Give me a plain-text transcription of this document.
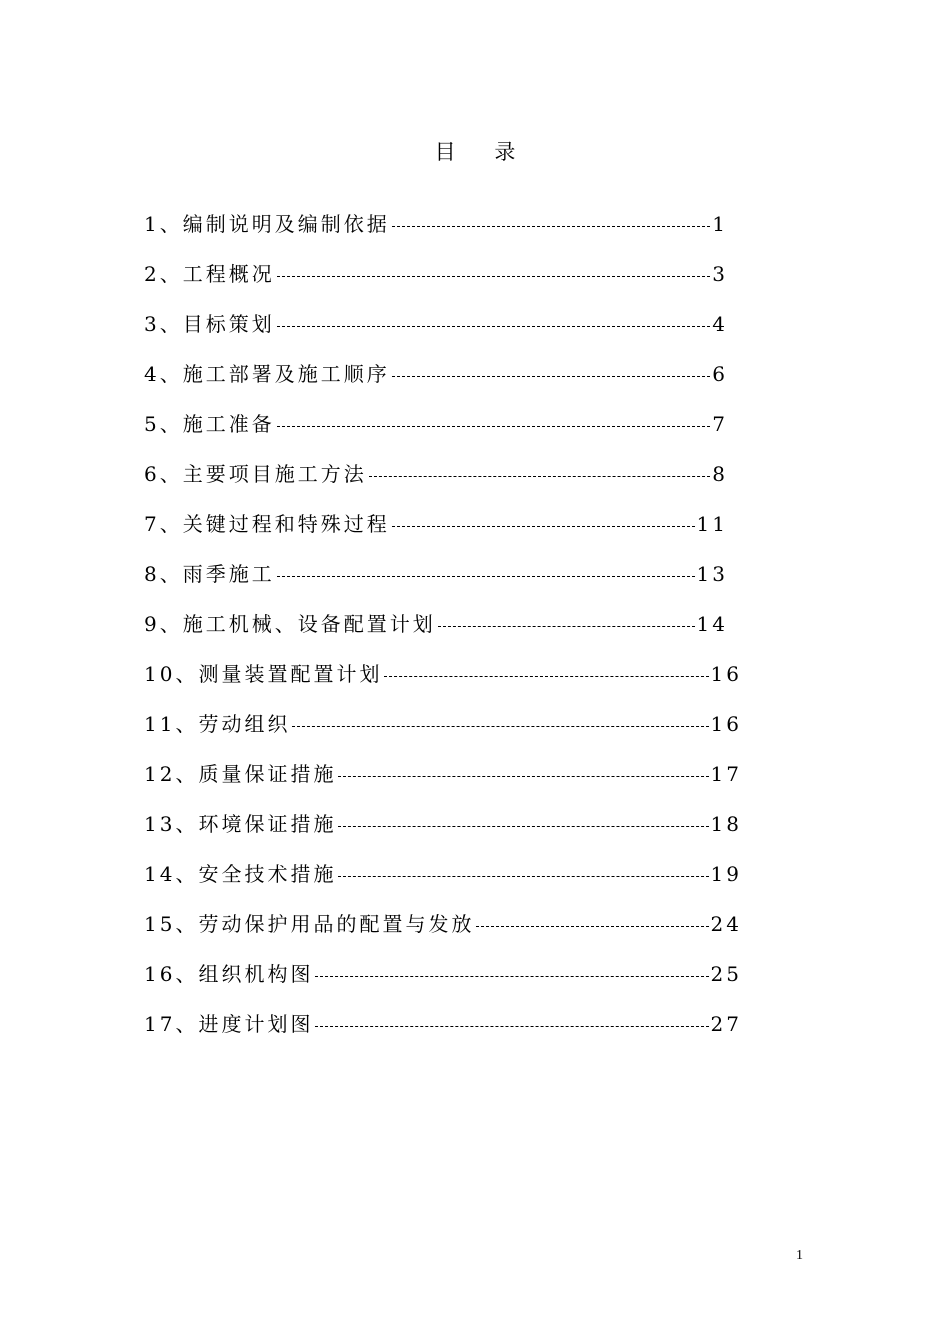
目 录
1、 编制说明及编制依据	1
2、 工程概况	3
3、 目标策划	4
4、 施工部署及施工顺序	6
5、 施工准备	7
6、 主要项目施工方法	8
7、 关键过程和特殊过程	11
8、 雨季施工	13
9、 施工机械、设备配置计划	14
10、 测量装置配置计划	16
11、 劳动组织	16
12、 质量保证措施	17
13、 环境保证措施	18
14、 安全技术措施	19
15、 劳动保护用品的配置与发放	24
16、 组织机构图	25
17、 进度计划图	27
1
